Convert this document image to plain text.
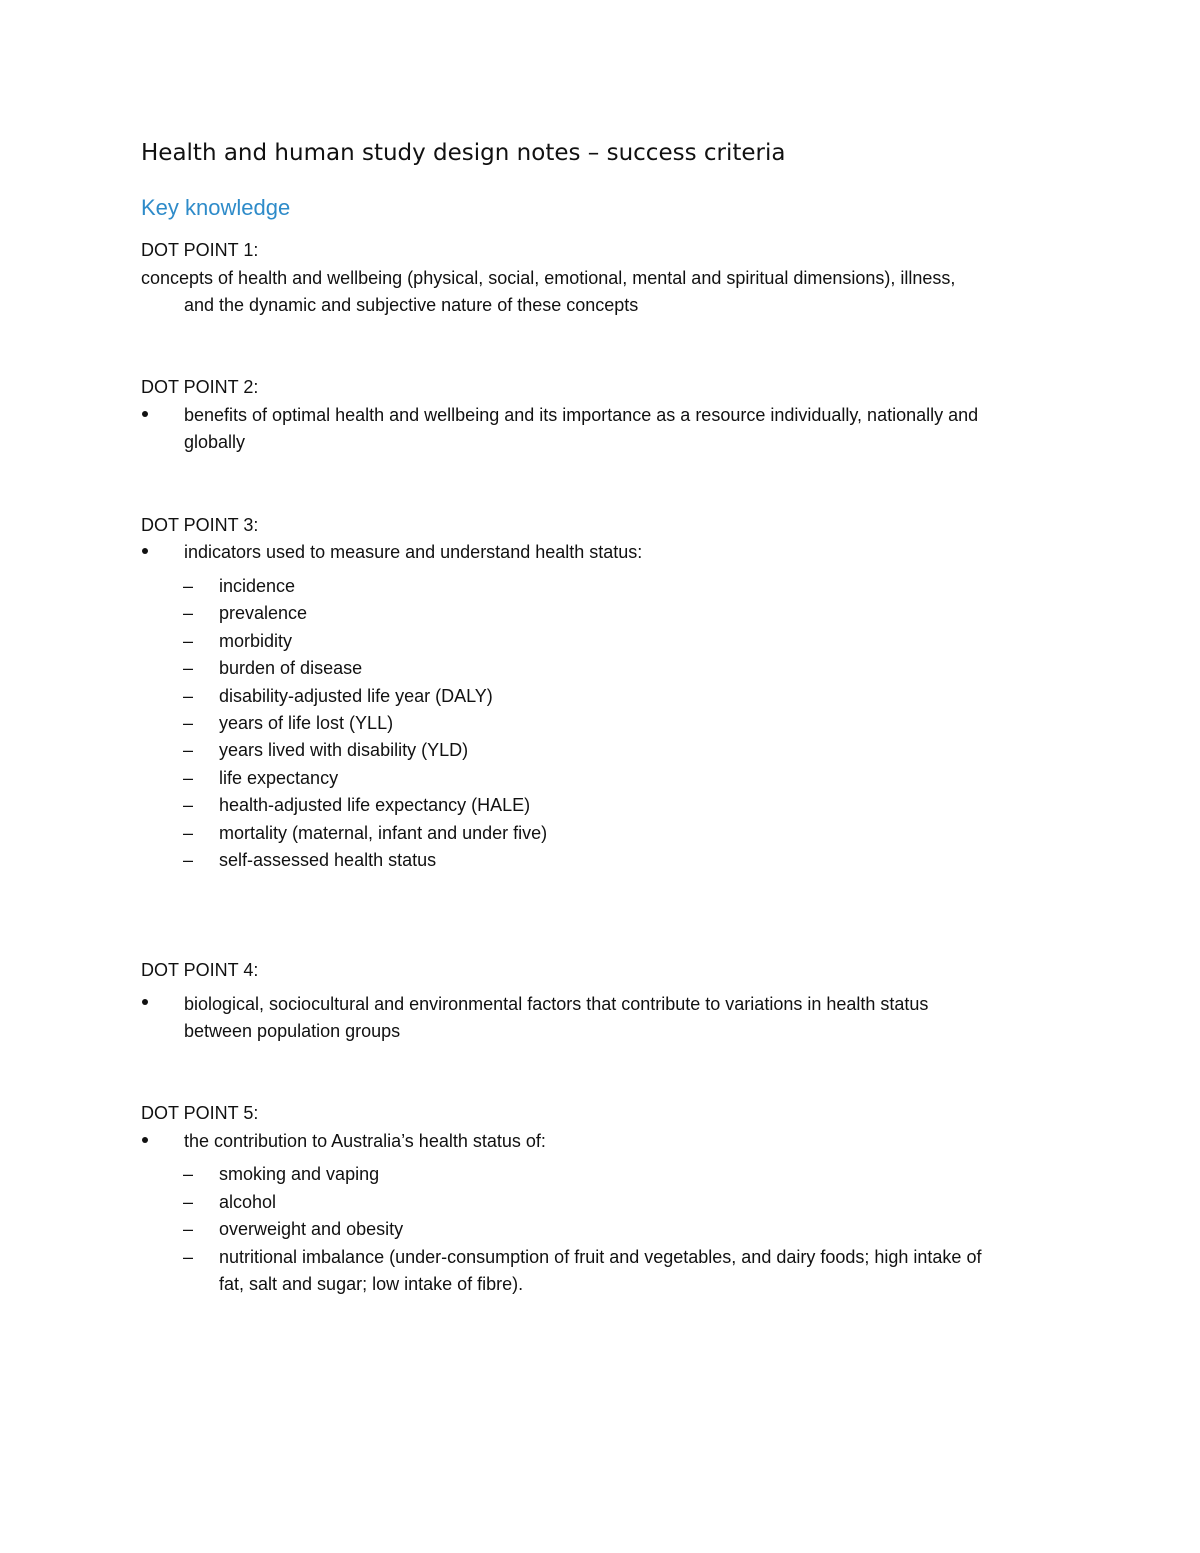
Health and human study design notes – success criteria
Key knowledge
DOT POINT 1:
concepts of health and wellbeing (physical, social, emotional, mental and spiritual dimensions), illness,
and the dynamic and subjective nature of these concepts
DOT POINT 2:
benefits of optimal health and wellbeing and its importance as a resource individually, nationally and
globally
DOT POINT 3:
indicators used to measure and understand health status:
– incidence
– prevalence
– morbidity
– burden of disease
– disability-adjusted life year (DALY)
– years of life lost (YLL)
– years lived with disability (YLD)
– life expectancy
– health-adjusted life expectancy (HALE)
– mortality (maternal, infant and under five)
– self-assessed health status
DOT POINT 4:
biological, sociocultural and environmental factors that contribute to variations in health status
between population groups
DOT POINT 5:
the contribution to Australia’s health status of:
– smoking and vaping
– alcohol
– overweight and obesity
– nutritional imbalance (under-consumption of fruit and vegetables, and dairy foods; high intake of
fat, salt and sugar; low intake of fibre).
